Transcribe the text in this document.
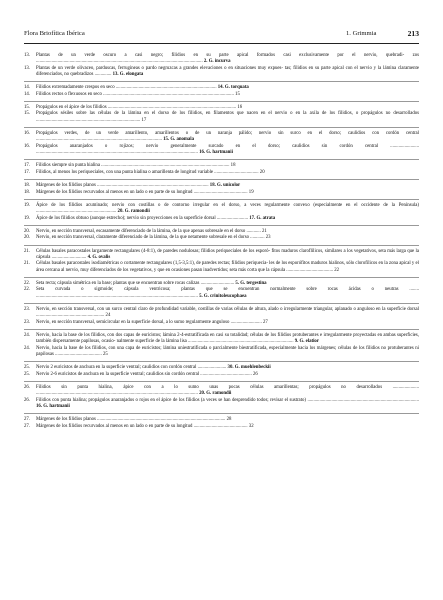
Flora Briofítica Ibérica	1. Grimmia	213
13.	Plantas de un verde oscuro a casi negro; filidios en su parte apical formados casi exclusivamente por el nervio, quebradi- zos ........................................................................................................................................... 2. G. incurva
13.	Plantas de un verde olivaceo, parduscas, ferrugineas o pardo negruzcas a grandes elevaciones o en situaciones muy expues- tas; filidios en su parte apical con el nervio y la lámina claramente diferenciados, no quebradizos .............. 13. G. elongata
14.	Filidios extremadamente crespos en seco .................................................................................... 14. G. torquata
14.	Filidios rectos o flexuosos en seco ............................................................................................................. 15
15.	Propágulos en el ápice de los filidios ........................................................................................................... 16
15.	Propágulos sésiles sobre las células de la lámina en el dorso de los filidios, en filamentos que nacen en el nervio o en la axila de los filidios, o propágulos no desarrollados ....................................................................................... 17
16.	Propágulos verdes, de un verde amarillento, amarillentos o de un naranja pálido; nervio sin surco en el dorso; caulidios con cordón central ......................................................................................................... 15. G. anomala
16.	Propágulos anaranjados o rojizos; nervio generalmente surcado en el dorso; caulidios sin cordón central ........................ ....................................................................................................................................... 16. G. hartmanii
17.	Filidios siempre sin punta hialina ........................................................................................................... 18
17.	Filidios, al menos los periqueciales, con una punta hialina o amarillenta de longitud variable ..................................... 20
18.	Márgenes de los filidios planos ............................................................................................. 18. G. unicolor
18.	Márgenes de los filidios recurvados al menos en un lado o en parte de su longitud ............................................. 19
19.	Ápice de los filidios acuminado; nervio con costillas o de contorno irregular en el dorso, a veces regularmente convexo (especialmente en el occidente de la Península) ................................................................... 20. G. ramondii
19.	Ápice de los filidios obtuso (aunque estrecho); nervio sin proyecciones en la superficie dorsal .......................... 17. G. atrata
20.	Nervio, en sección transversal, escasamente diferenciado de la lámina, de la que apenas sobresale en el dorso ............ 21
20.	Nervio, en sección transversal, claramente diferenciado de la lámina, de la que netamente sobresale en el dorso ............ 23
21.	Células basales paracostales largamente rectangulares (4-8:1), de paredes nodulosas; filidios periqueciales de los esporó- fitos maduros claroflilicos, similares a los vegetativos, seta más larga que la cápsula ............................. 4. G. ovalis
21.	Células basales paracostales isodiamétricas o cortamente rectangulares (1,5-3,5:1), de paredes rectas; filidios periquecia- les de los esporófitos maduros hialinos, sólo clorofílicos en la zona apical y el área cercana al nervio, muy diferenciados de los vegetativos, y que en ocasiones pasan inadvertidos; seta más corta que la cápsula ....................................... 22
22.	Seta recta; cápsula simétrica en la base; plantas que se encuentran sobre rocas calizas ............................ 5. G. tergestina
22.	Seta curvada o sigmoide; cápsula ventricosa; plantas que se encuentran normalmente sobre rocas ácidas o neutras ........ ....................................................................................................................................... 5. G. crinitoleucophaea
23.	Nervio, en sección transversal, con un surco central claro de profundidad variable, costillas de varias células de altura, alado o irregularmente triangular, aplanado o anguloso en la superficie dorsal ......................................................... 24
23.	Nervio, en sección transversal, semicircular en la superficie dorsal, a lo sumo regularmente anguloso .......................... 27
24.	Nervio, hacia la base de los filidios, con dos capas de euricistos; lámina 2-4-estratificada en casi su totalidad; células de los filidios protuberantes e irregularmente proyectadas en ambas superficies, también dispersamente papilosas, ocasio- nalmente superficie de la lámina lisa ........................................................................................ 9. G. elatior
24.	Nervio, hacia la base de los filidios, con una capa de euricistos; lámina uniestratificada o parcialmente biestratificada, especialmente hacia los márgenes; células de los filidios no protuberantes ni papilosas ....................................... 25
25.	Nervio 2 euricistos de anchura en la superficie ventral; caulidios con cordón central ........................ 30. G. muehlenbeckii
25.	Nervio 2-6 euricistos de anchura en la superficie ventral; caulidios sin cordón central ........................................... 26
26.	Filidios sin punta hialina, ápice con a lo sumo unas pocas células amarillentas; propágulos no desarrollados ...................... ....................................................................................................................................... 20. G. ramondii
26.	Filidios con punta hialina; propágulos anaranjados o rojos en el ápice de los filidios (a veces se han desprendido todos; revisar el sustrato) ............................................................................................. 16. G. hartmanii
27.	Márgenes de los filidios planos ........................................................................................................... 28
27.	Márgenes de los filidios recurvados al menos en un lado o en parte de su longitud ............................................. 32
